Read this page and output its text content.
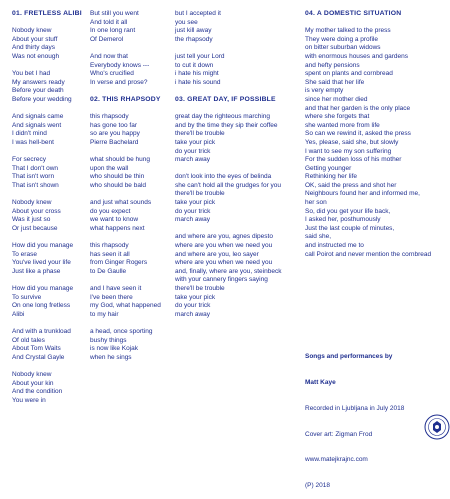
01. FRETLESS ALIBI
Nobody knew
About your stuff
And thirty days
Was not enough
You bet I had
My answers ready
Before your death
Before your wedding
And signals came
And signals went
I didn't mind
I was hell-bent
For secrecy
That I don't own
That isn't worn
That isn't shown
Nobody knew
About your cross
Was it just so
Or just because
How did you manage
To erase
You've lived your life
Just like a phase
How did you manage
To survive
On one long fretless
Alibi
And with a trunkload
Of old tales
About Tom Waits
And Crystal Gayle
Nobody knew
About your kin
And the condition
You were in
But still you went
And told it all
In one long rant
Of Demerol
And now that
Everybody knows ---
Who's crucified
In verse and prose?
02. THIS RHAPSODY
this rhapsody
has gone too far
so are you happy
Pierre Bachelard
what should be hung
upon the wall
who should be thin
who should be bald
and just what sounds
do you expect
we want to know
what happens next
this rhapsody
has seen it all
from Ginger Rogers
to De Gaulle
and I have seen it
I've been there
my God, what happened
to my hair
a head, once sporting
bushy things
is now like Kojak
when he sings
but I accepted it
you see
just kill away
the rhapsody
just tell your Lord
to cut it down
i hate his might
i hate his sound
03. GREAT DAY, IF POSSIBLE
great day the righteous marching
and by the time they sip their coffee
there'll be trouble
take your pick
do your trick
march away
don't look into the eyes of belinda
she can't hold all the grudges for you
there'll be trouble
take your pick
do your trick
march away
and where are you, agnes dipesto
where are you when we need you
and where are you, leo sayer
where are you when we need you
and, finally, where are you, steinbeck
with your cannery fingers saying
there'll be trouble
take your pick
do your trick
march away
04. A DOMESTIC SITUATION
My mother talked to the press
They were doing a profile
on bitter suburban widows
with enormous houses and gardens
and hefty pensions
spent on plants and cornbread
She said that her life
is very empty
since her mother died
and that her garden is the only place
where she forgets that
she wanted more from life
So can we rewind it, asked the press
Yes, please, said she, but slowly
I want to see my son suffering
For the sudden loss of his mother
Getting younger
Rethinking her life
OK, said the press and shot her
Neighbours found her and informed me,
her son
So, did you get your life back,
I asked her, posthumously
Just the last couple of minutes,
said she,
and instructed me to
call Poirot and never mention the cornbread

Songs and performances by

Matt Kaye

Recorded in Ljubljana in July 2018

Cover art: Zigman Frod

www.matejkrajnc.com

(P) 2018
